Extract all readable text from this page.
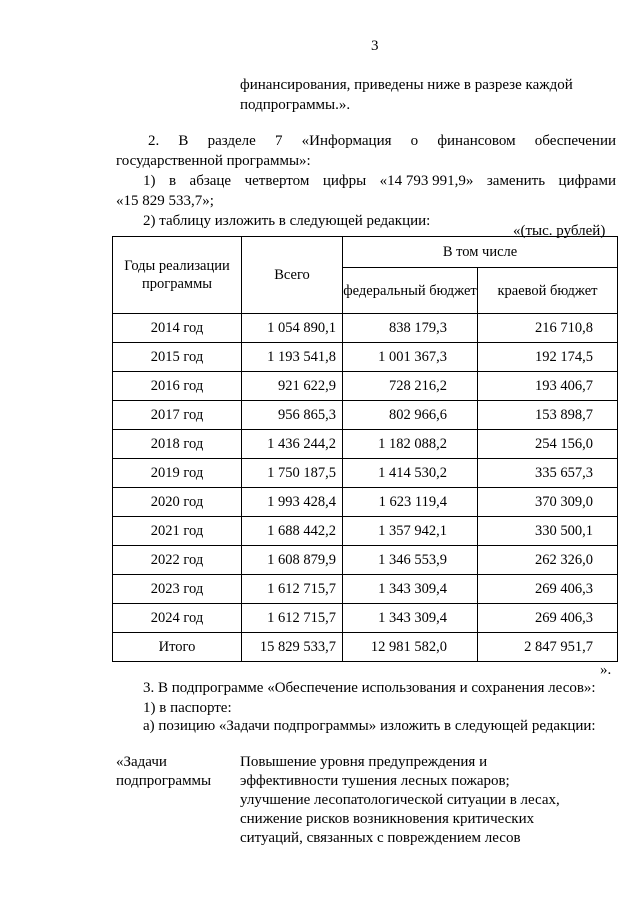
3
финансирования, приведены ниже в разрезе каждой
подпрограммы.».
2. В разделе 7 «Информация о финансовом обеспечении
государственной программы»:
1) в абзаце четвертом цифры «14 793 991,9» заменить цифрами
«15 829 533,7»;
2) таблицу изложить в следующей редакции:
«(тыс. рублей)
Годы реализации программы	Всего	В том числе	
		федеральный бюджет	краевой бюджет
2014 год	1 054 890,1	838 179,3	216 710,8
2015 год	1 193 541,8	1 001 367,3	192 174,5
2016 год	921 622,9	728 216,2	193 406,7
2017 год	956 865,3	802 966,6	153 898,7
2018 год	1 436 244,2	1 182 088,2	254 156,0
2019 год	1 750 187,5	1 414 530,2	335 657,3
2020 год	1 993 428,4	1 623 119,4	370 309,0
2021 год	1 688 442,2	1 357 942,1	330 500,1
2022 год	1 608 879,9	1 346 553,9	262 326,0
2023 год	1 612 715,7	1 343 309,4	269 406,3
2024 год	1 612 715,7	1 343 309,4	269 406,3
Итого	15 829 533,7	12 981 582,0	2 847 951,7
».
3. В подпрограмме «Обеспечение использования и сохранения лесов»:
1) в паспорте:
а) позицию «Задачи подпрограммы» изложить в следующей редакции:
«Задачи
подпрограммы
Повышение уровня предупреждения и
эффективности тушения лесных пожаров;
улучшение лесопатологической ситуации в лесах,
снижение рисков возникновения критических
ситуаций, связанных с повреждением лесов
